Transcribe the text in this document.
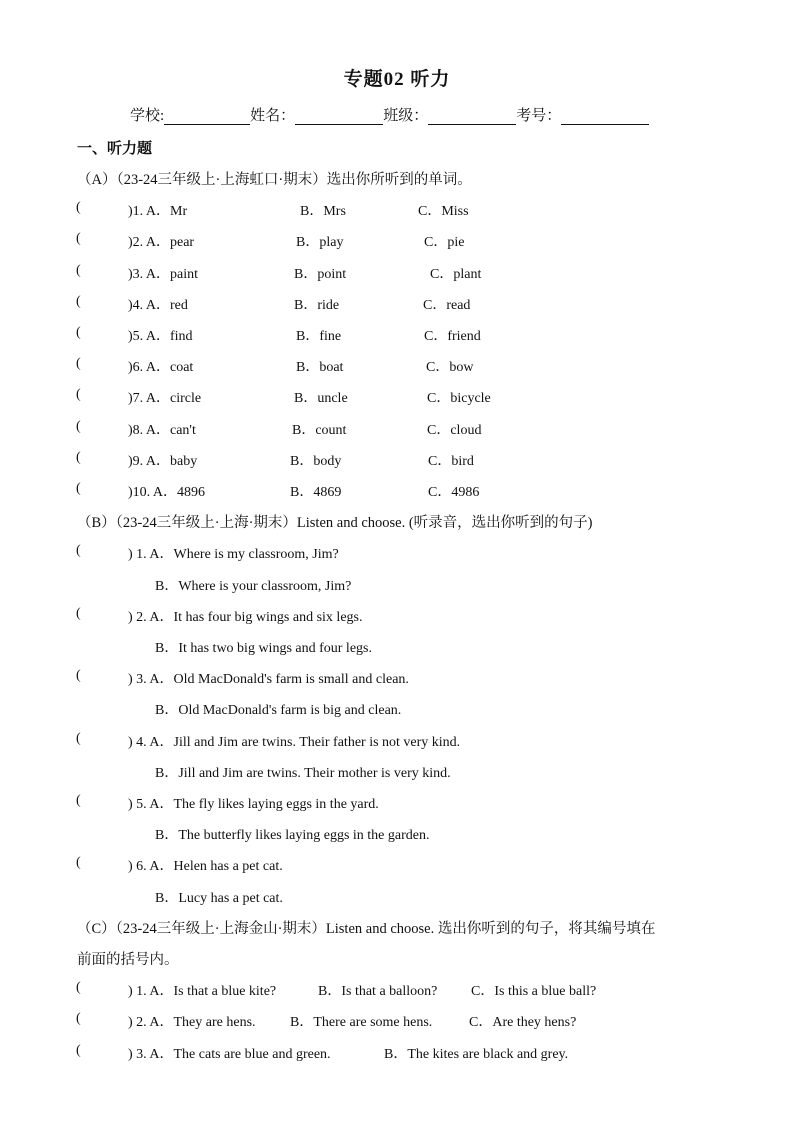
专题02 听力
学校:	姓名：	班级：	考号：
一、听力题
（A）（23-24三年级上·上海虹口·期末）选出你所听到的单词。
(	)1. A．Mr	B．Mrs	C．Miss
(	)2. A．pear	B．play	C．pie
(	)3. A．paint	B．point	C．plant
(	)4. A．red	B．ride	C．read
(	)5. A．find	B．fine	C．friend
(	)6. A．coat	B．boat	C．bow
(	)7. A．circle	B．uncle	C．bicycle
(	)8. A．can't	B．count	C．cloud
(	)9. A．baby	B．body	C．bird
(	)10. A．4896	B．4869	C．4986
（B）（23-24三年级上·上海·期末）Listen and choose. (听录音，选出你听到的句子)
(	) 1. A．Where is my classroom, Jim?
B．Where is your classroom, Jim?
(	) 2. A．It has four big wings and six legs.
B．It has two big wings and four legs.
(	) 3. A．Old MacDonald's farm is small and clean.
B．Old MacDonald's farm is big and clean.
(	) 4. A．Jill and Jim are twins. Their father is not very kind.
B．Jill and Jim are twins. Their mother is very kind.
(	) 5. A．The fly likes laying eggs in the yard.
B．The butterfly likes laying eggs in the garden.
(	) 6. A．Helen has a pet cat.
B．Lucy has a pet cat.
（C）（23-24三年级上·上海金山·期末）Listen and choose. 选出你听到的句子，将其编号填在
前面的括号内。
(	) 1. A．Is that a blue kite?	B．Is that a balloon? C．Is this a blue ball?
(	) 2. A．They are hens. B．There are some hens.	C．Are they hens?
(	) 3. A．The cats are blue and green.	B．The kites are black and grey.
